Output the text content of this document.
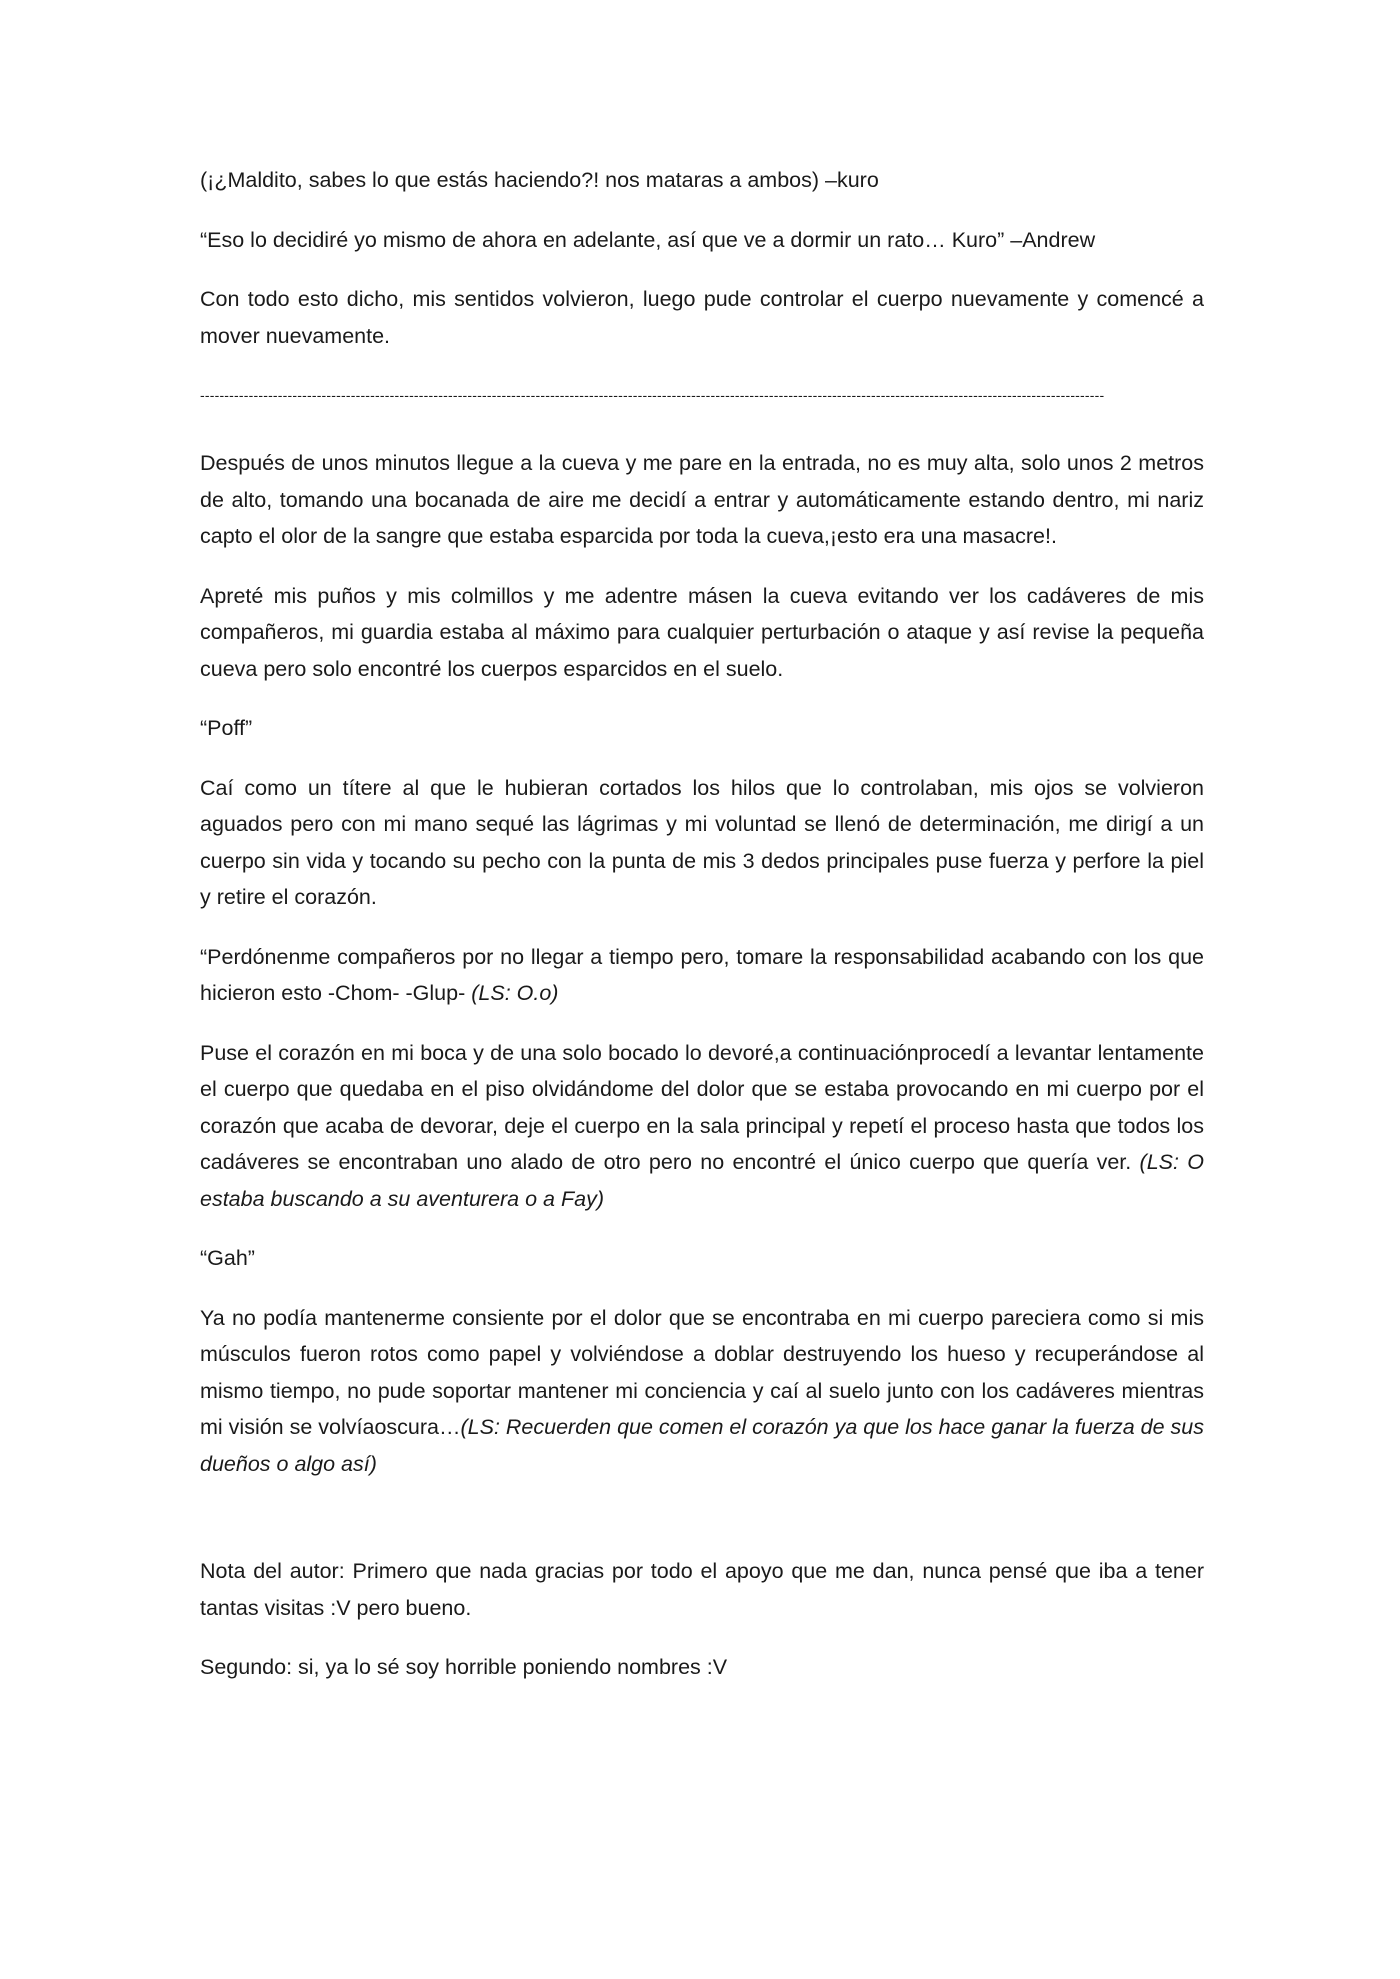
(¡¿Maldito, sabes lo que estás haciendo?! nos mataras a ambos) –kuro

“Eso lo decidiré yo mismo de ahora en adelante, así que ve a dormir un rato… Kuro” –Andrew

Con todo esto dicho, mis sentidos volvieron, luego pude controlar el cuerpo nuevamente y comencé a mover nuevamente.

------------------------------------------------------------------------------------------------------------------------------------------------------------------------------------------

Después de unos minutos llegue a la cueva y me pare en la entrada, no es muy alta, solo unos 2 metros de alto, tomando una bocanada de aire me decidí a entrar y automáticamente estando dentro, mi nariz capto el olor de la sangre que estaba esparcida por toda la cueva,¡esto era una masacre!.

Apreté mis puños y mis colmillos y me adentre másen la cueva evitando ver los cadáveres de mis compañeros, mi guardia estaba al máximo para cualquier perturbación o ataque y así revise la pequeña cueva pero solo encontré los cuerpos esparcidos en el suelo.

“Poff”

Caí como un títere al que le hubieran cortados los hilos que lo controlaban, mis ojos se volvieron aguados pero con mi mano sequé las lágrimas y mi voluntad se llenó de determinación, me dirigí a un cuerpo sin vida y tocando su pecho con la punta de mis 3 dedos principales puse fuerza y perfore la piel y retire el corazón.

“Perdónenme compañeros por no llegar a tiempo pero, tomare la responsabilidad acabando con los que hicieron esto -Chom- -Glup- (LS: O.o)

Puse el corazón en mi boca y de una solo bocado lo devoré,a continuaciónprocedí a levantar lentamente el cuerpo que quedaba en el piso olvidándome del dolor que se estaba provocando en mi cuerpo por el corazón que acaba de devorar, deje el cuerpo en la sala principal y repetí el proceso hasta que todos los cadáveres se encontraban uno alado de otro pero no encontré el único cuerpo que quería ver. (LS: O estaba buscando a su aventurera o a Fay)

“Gah”

Ya no podía mantenerme consiente por el dolor que se encontraba en mi cuerpo pareciera como si mis músculos fueron rotos como papel y volviéndose a doblar destruyendo los hueso y recuperándose al mismo tiempo, no pude soportar mantener mi conciencia y caí al suelo junto con los cadáveres mientras mi visión se volvíaoscura…(LS: Recuerden que comen el corazón ya que los hace ganar la fuerza de sus dueños o algo así)

Nota del autor: Primero que nada gracias por todo el apoyo que me dan, nunca pensé que iba a tener tantas visitas :V pero bueno.

Segundo: si, ya lo sé soy horrible poniendo nombres :V
